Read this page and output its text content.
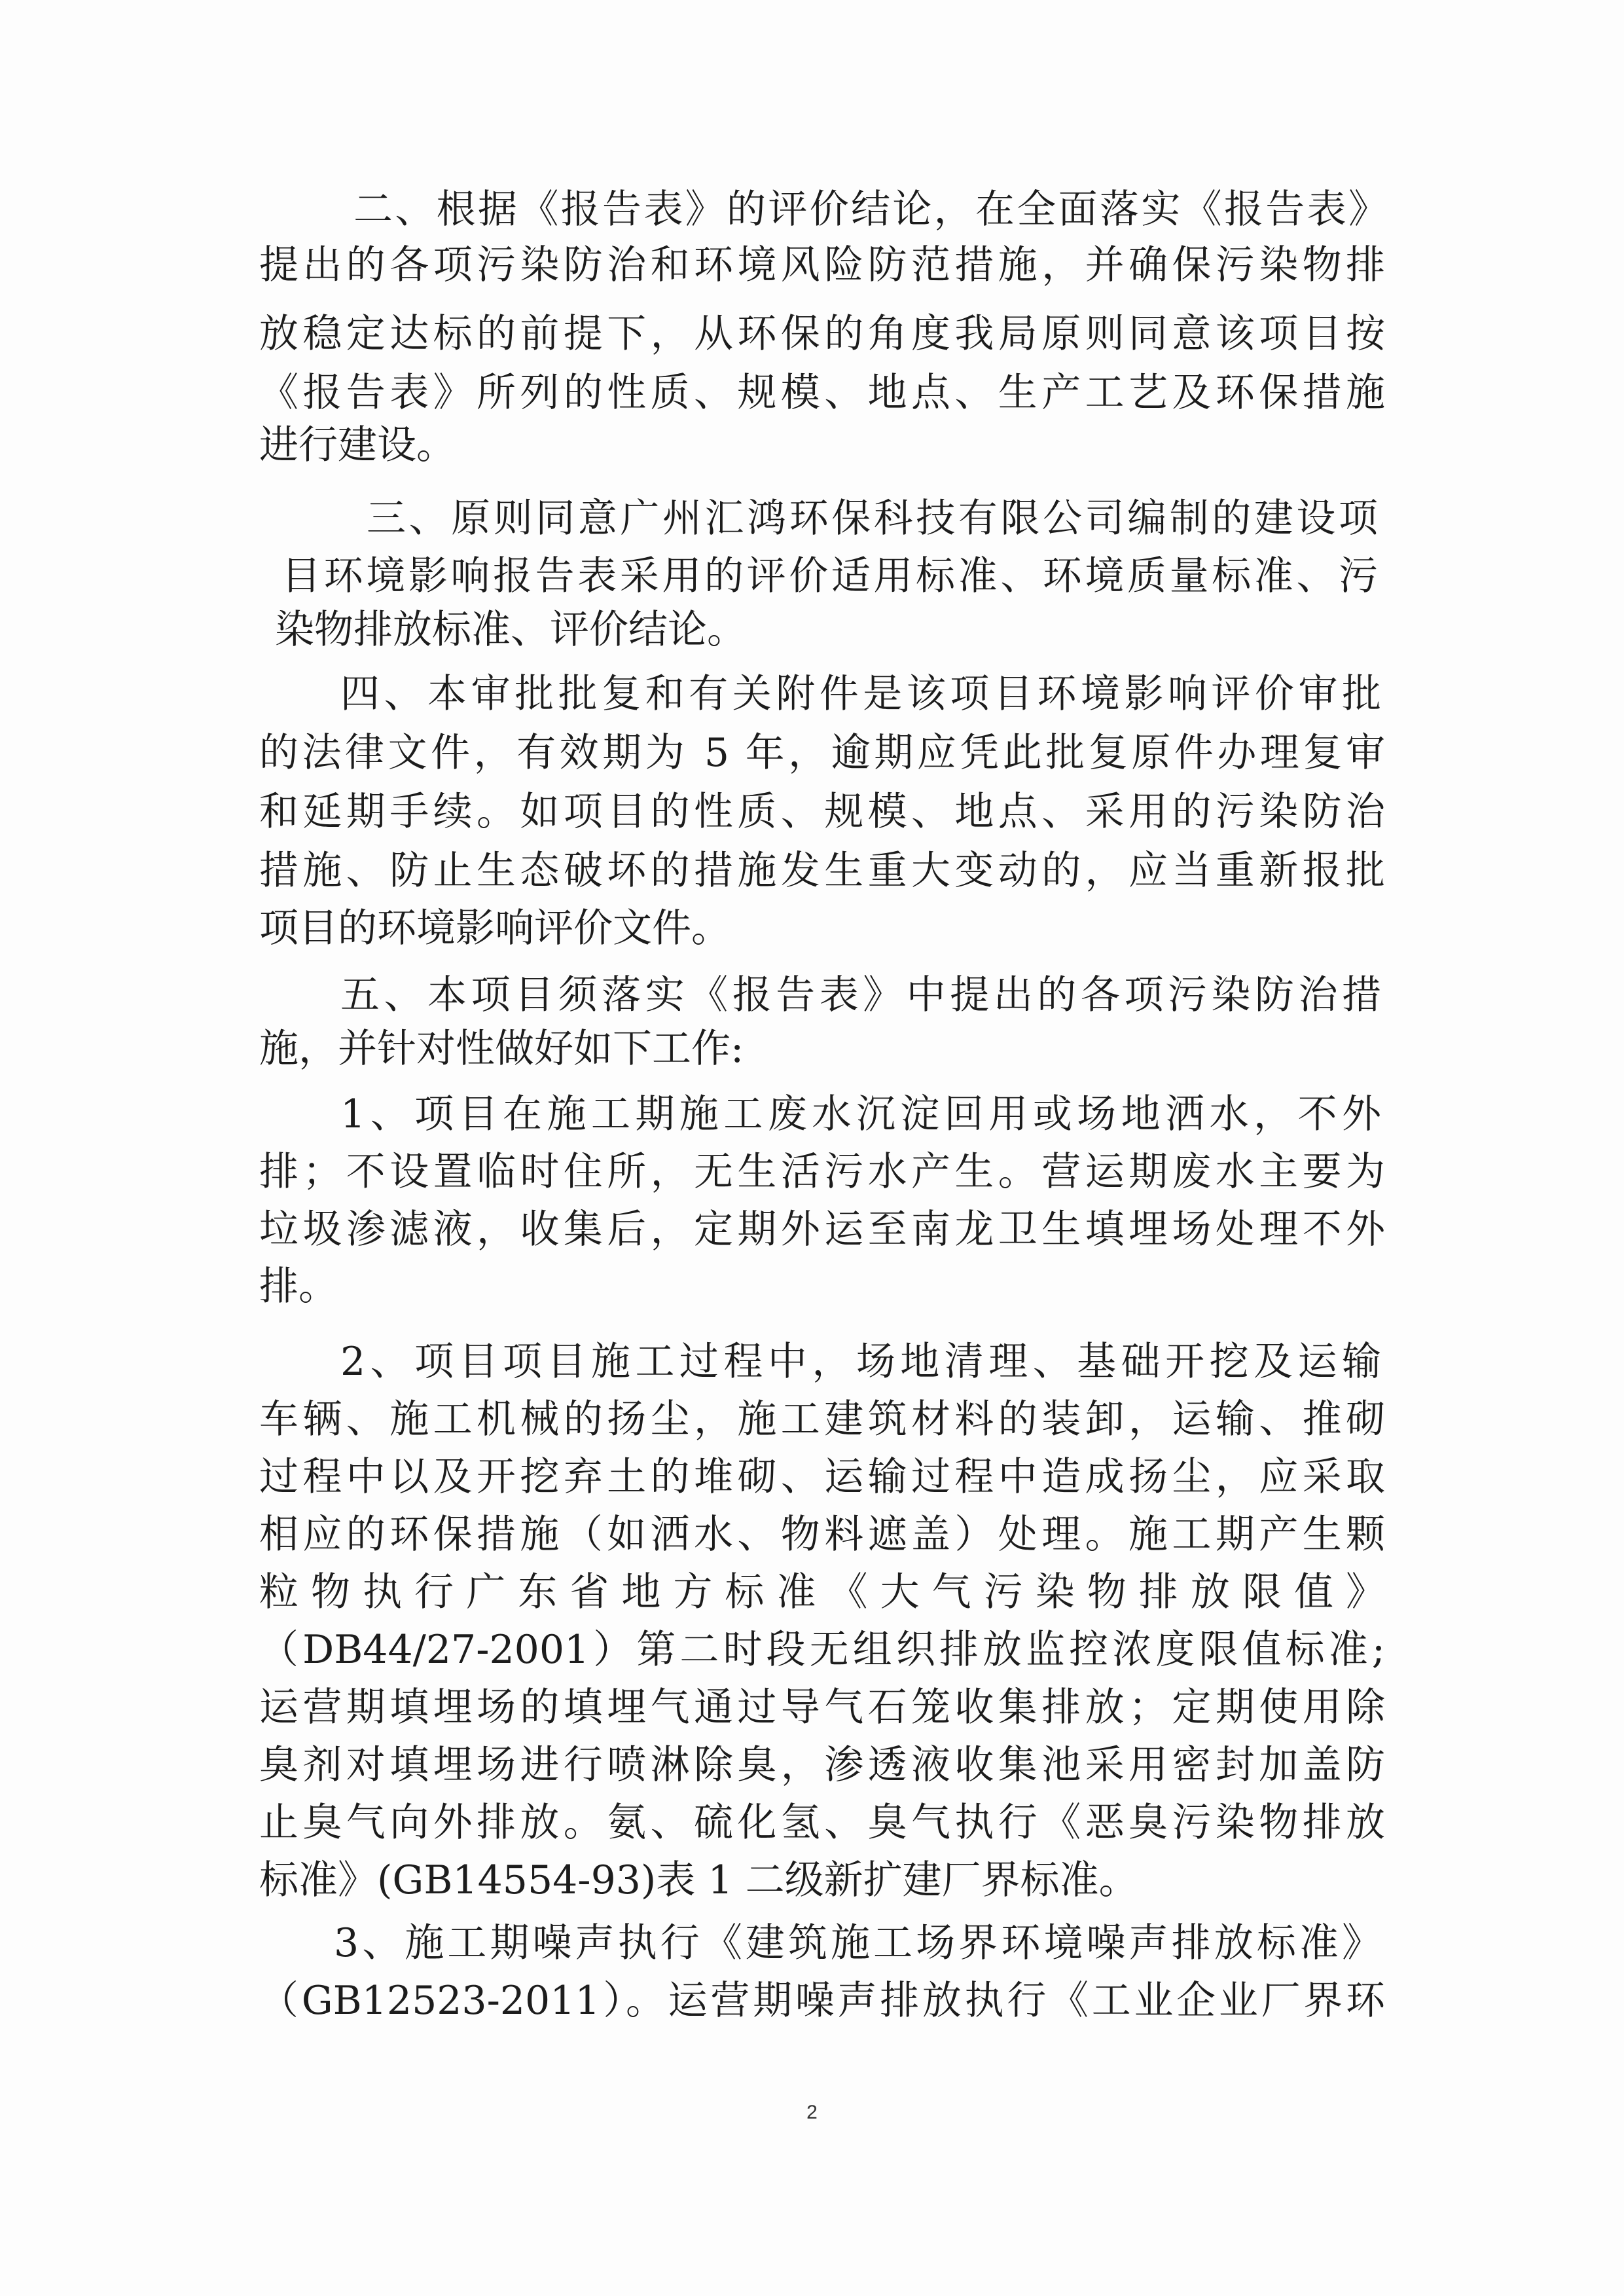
二、根据《报告表》的评价结论，在全面落实《报告表》
提出的各项污染防治和环境风险防范措施，并确保污染物排
放稳定达标的前提下，从环保的角度我局原则同意该项目按
《报告表》所列的性质、规模、地点、生产工艺及环保措施
进行建设。
三、原则同意广州汇鸿环保科技有限公司编制的建设项
目环境影响报告表采用的评价适用标准、环境质量标准、污
染物排放标准、评价结论。
四、本审批批复和有关附件是该项目环境影响评价审批
的法律文件，有效期为 5 年，逾期应凭此批复原件办理复审
和延期手续。如项目的性质、规模、地点、采用的污染防治
措施、防止生态破坏的措施发生重大变动的，应当重新报批
项目的环境影响评价文件。
五、本项目须落实《报告表》中提出的各项污染防治措
施，并针对性做好如下工作:
1、项目在施工期施工废水沉淀回用或场地洒水，不外
排；不设置临时住所，无生活污水产生。营运期废水主要为
垃圾渗滤液，收集后，定期外运至南龙卫生填埋场处理不外
排。
2、项目项目施工过程中，场地清理、基础开挖及运输
车辆、施工机械的扬尘，施工建筑材料的装卸，运输、推砌
过程中以及开挖弃土的堆砌、运输过程中造成扬尘，应采取
相应的环保措施（如洒水、物料遮盖）处理。施工期产生颗
粒物执行广东省地方标准《大气污染物排放限值》
（DB44/27-2001）第二时段无组织排放监控浓度限值标准;
运营期填埋场的填埋气通过导气石笼收集排放；定期使用除
臭剂对填埋场进行喷淋除臭，渗透液收集池采用密封加盖防
止臭气向外排放。氨、硫化氢、臭气执行《恶臭污染物排放
标准》(GB14554-93)表 1 二级新扩建厂界标准。
3、施工期噪声执行《建筑施工场界环境噪声排放标准》
（GB12523-2011）。运营期噪声排放执行《工业企业厂界环
2
